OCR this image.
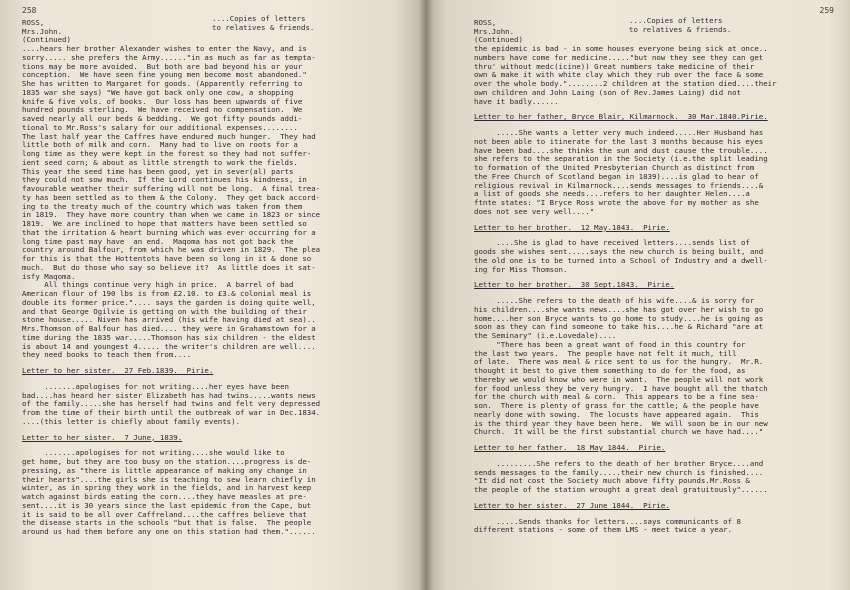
258
ROSS,
Mrs.John.
(Continued)
....Copies of letters
to relatives & friends.
....hears her brother Alexander wishes to enter the Navy, and is
sorry..... she prefers the Army......"in as much as far as tempta-
tions may be more avoided.  But both are bad beyond his or your
conception.  We have seen fine young men become most abandoned."
She has written to Margaret for goods. (Apparently referring to
1835 war she says) "We have got back only one cow, a shopping
knife & five vols. of books.  Our loss has been upwards of five
hundred pounds sterling.  We have received no compensation.  We
saved nearly all our beds & bedding.  We got fifty pounds addi-
tional to Mr.Ross's salary for our additional expenses........
The last half year the Caffres have endured much hunger.  They had
little both of milk and corn.  Many had to live on roots for a
long time as they were kept in the forest so they had not suffer-
ient seed corn; & about as little strength to work the fields.
This year the seed time has been good, yet in sever(al) parts
they could not sow much.  If the Lord continues his kindness, in
favourable weather their suffering will not be long.  A final trea-
ty has been settled as to them & the Colony.  They get back accord-
ing to the treaty much of the country which was taken from them
in 1819.  They have more country than when we came in 1823 or since
1819.  We are inclined to hope that matters have been settled so
that the irritation & heart burning which was ever occurring for a
long time past may have  an end.  Maqoma has not got back the
country around Balfour, from which he was driven in 1829.  The plea
for this is that the Hottentots have been so long in it & done so
much.  But do those who say so believe it?  As little does it sat-
isfy Maqoma.
All things continue very high in price.  A barrel of bad
American flour of 190 lbs is from £2.10. to £3.& colonial meal is
double its former price.".... says the garden is doing quite well,
and that George Ogilvie is getting on with the building of their
stone house..... Niven has arrived (his wife having died at sea)..
Mrs.Thomson of Balfour has died.... they were in Grahamstown for a
time during the 1835 war.....Thomson has six children - the eldest
is about 14 and youngest 4..... the writer's children are well....
they need books to teach them from....
Letter to her sister.  27 Feb.1839.  Pirie.
.......apologises for not writing....her eyes have been
bad....has heard her sister Elizabeth has had twins.....wants news
of the family.....she has herself had twins and felt very depressed
from the time of their birth until the outbreak of war in Dec.1834.
....(this letter is chiefly about family events).
Letter to her sister.  7 June, 1839.
.......apologises for not writing....she would like to
get home, but they are too busy on the station....progress is de-
pressing, as "there is little appearance of making any change in
their hearts"....the girls she is teaching to sew learn chiefly in
winter, as in spring they work in the fields, and in harvest keep
watch against birds eating the corn....they have measles at pre-
sent....it is 30 years since the last epidemic from the Cape, but
it is said to be all over Caffreland....the caffres believe that
the disease starts in the schools "but that is false.  The people
around us had them before any one on this station had them."......
259
ROSS,
Mrs.John.
(Continued)
....Copies of letters
to relatives & friends.
the epidemic is bad - in some houses everyone being sick at once..
numbers have come for medicine....."but now they see they can get
thru' without medc(icine)) Great numbers take medicine of their
own & make it with white clay which they rub over the face & some
over the whole body."........2 children at the station died....their
own children and John Laing (son of Rev.James Laing) did not
have it badly......
Letter to her father, Bryce Blair, Kilmarnock.  30 Mar.1840.Pirie.
.....She wants a letter very much indeed.....Her Husband has
not been able to itinerate for the last 3 months because his eyes
have been bad....she thinks the sun and dust cause the trouble....
she refers to the separation in the Society (i.e.the split leading
to formation of the United Presbyterian Church as distinct from
the Free Church of Scotland began in 1839)....is glad to hear of
religious revival in Kilmarnock....sends messages to friends....&
a list of goods she needs....refers to her daughter Helen....a
ftnte states: "I Bryce Ross wrote the above for my mother as she
does not see very well...."
Letter to her brother.  12 May.1843.  Pirie.
....She is glad to have received letters....sends list of
goods she wishes sent.....says the new church is being built, and
the old one is to be turned into a School of Industry and a dwell-
ing for Miss Thomson.
Letter to her brother.  30 Sept.1843.  Pirie.
.....She refers to the death of his wife....& is sorry for
his children....she wants news....she has got over her wish to go
home....her son Bryce wants to go home to study....he is going as
soon as they can find someone to take his....he & Richard "are at
the Seminary" (i.e.Lovedale)....
"There has been a great want of food in this country for
the last two years.  The people have not felt it much, till
of late.  There was meal & rice sent to us for the hungry.  Mr.R.
thought it best to give them something to do for the food, as
thereby we would know who were in want.  The people will not work
for food unless they be very hungry.  I have bought all the thatch
for the church with meal & corn.  This appears to be a fine sea-
son.  There is plenty of grass for the cattle; & the people have
nearly done with sowing.  The locusts have appeared again.  This
is the third year they have been here.  We will soon be in our new
Church.  It will be the first substantial church we have had...."
Letter to her father.  18 May 1844.  Pirie.
.........She refers to the death of her brother Bryce....and
sends messages to the family.....their new church is finished....
"It did not cost the Society much above fifty pounds.Mr.Ross &
the people of the station wrought a great deal gratuitously"......
Letter to her sister.  27 June 1844.  Pirie.
.....Sends thanks for letters....says communicants of 8
different stations - some of them LMS - meet twice a year.
